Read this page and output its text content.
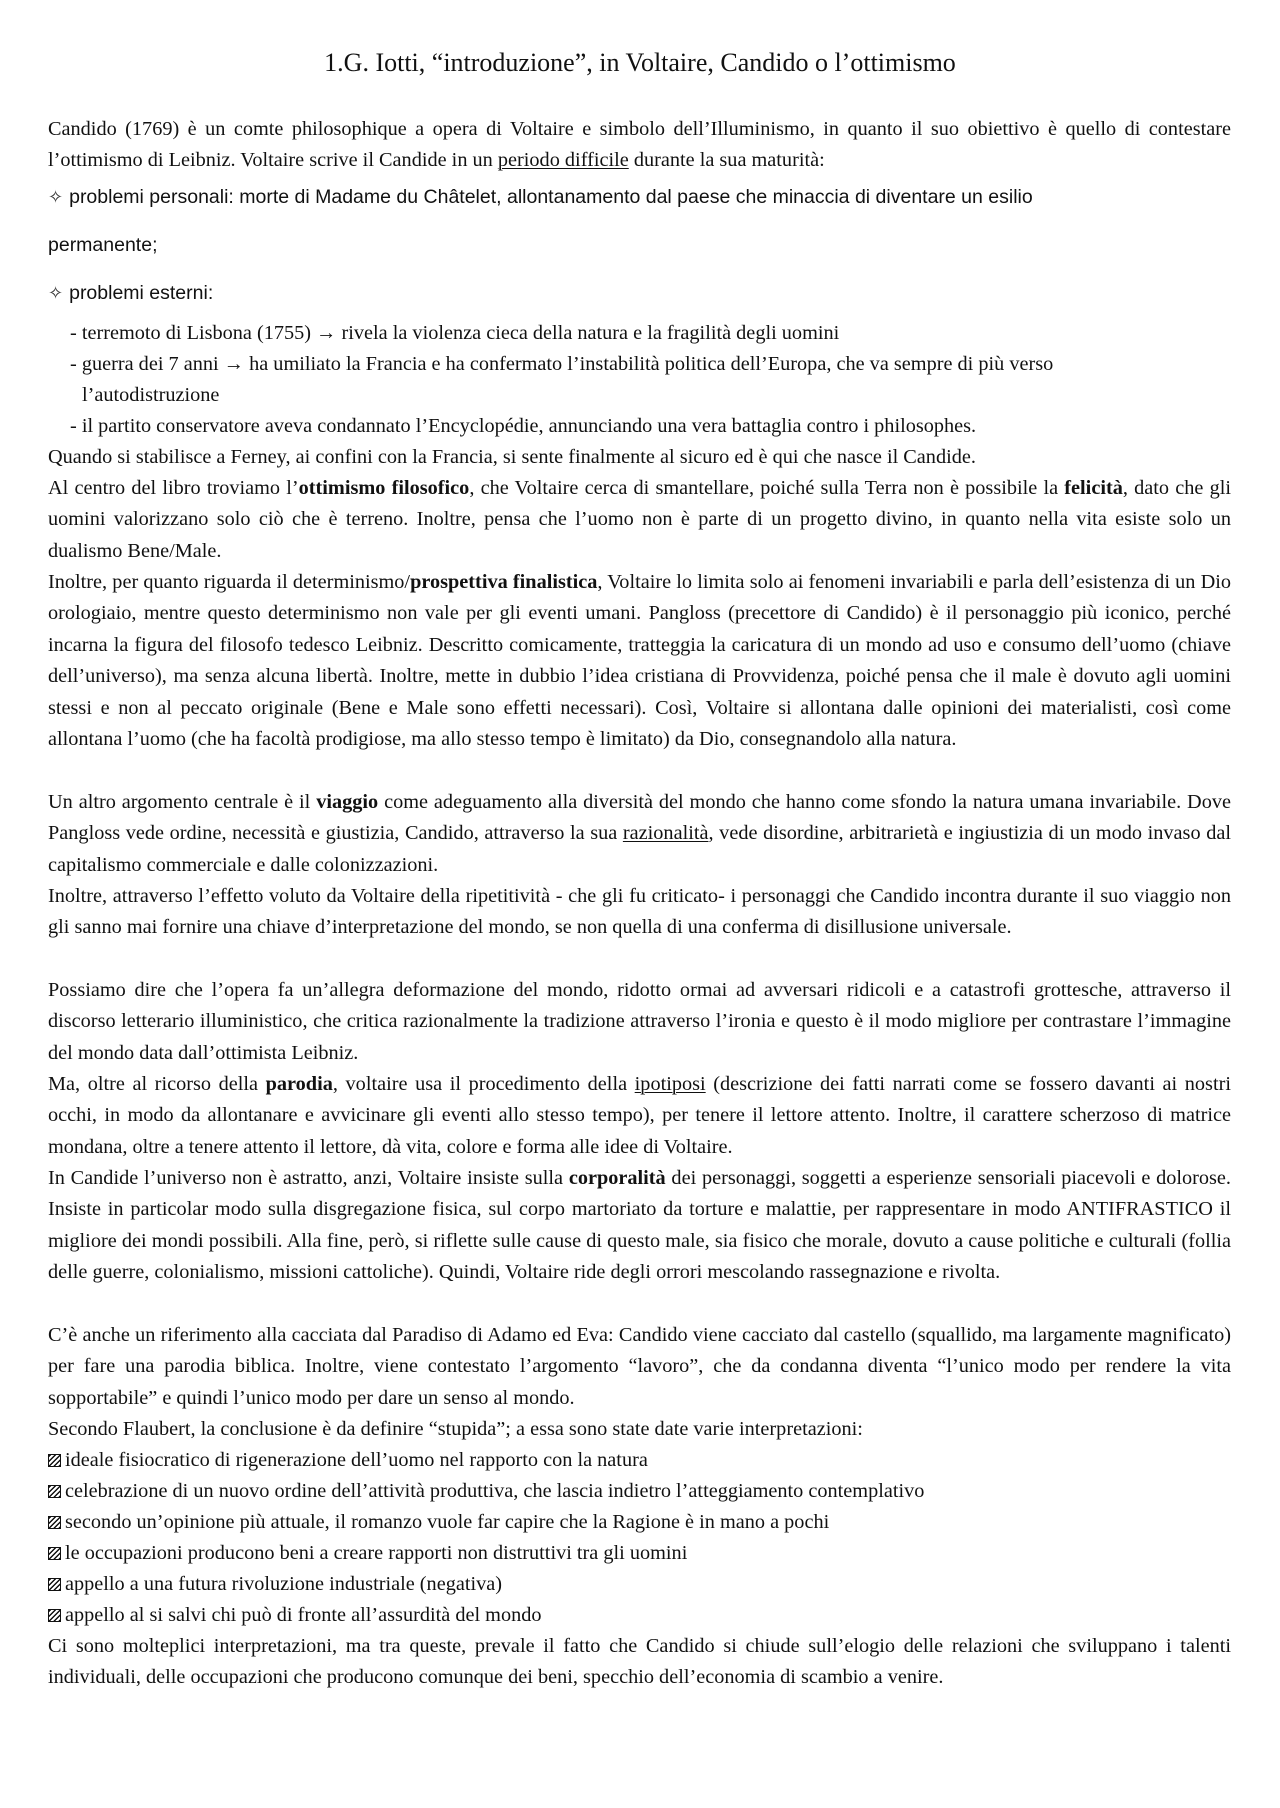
1.G. Iotti, “introduzione”, in Voltaire, Candido o l’ottimismo

Candido (1769) è un comte philosophique a opera di Voltaire e simbolo dell’Illuminismo, in quanto il suo obiettivo è quello di contestare l’ottimismo di Leibniz. Voltaire scrive il Candide in un periodo difficile durante la sua maturità:

✧ problemi personali: morte di Madame du Châtelet, allontanamento dal paese che minaccia di diventare un esilio

permanente;

✧ problemi esterni:

- terremoto di Lisbona (1755) → rivela la violenza cieca della natura e la fragilità degli uomini

- guerra dei 7 anni → ha umiliato la Francia e ha confermato l’instabilità politica dell’Europa, che va sempre di più verso

l’autodistruzione

- il partito conservatore aveva condannato l’Encyclopédie, annunciando una vera battaglia contro i philosophes.

Quando si stabilisce a Ferney, ai confini con la Francia, si sente finalmente al sicuro ed è qui che nasce il Candide.

Al centro del libro troviamo l’ottimismo filosofico, che Voltaire cerca di smantellare, poiché sulla Terra non è possibile la felicità, dato che gli uomini valorizzano solo ciò che è terreno. Inoltre, pensa che l’uomo non è parte di un progetto divino, in quanto nella vita esiste solo un dualismo Bene/Male.

Inoltre, per quanto riguarda il determinismo/prospettiva finalistica, Voltaire lo limita solo ai fenomeni invariabili e parla dell’esistenza di un Dio orologiaio, mentre questo determinismo non vale per gli eventi umani. Pangloss (precettore di Candido) è il personaggio più iconico, perché incarna la figura del filosofo tedesco Leibniz. Descritto comicamente, tratteggia la caricatura di un mondo ad uso e consumo dell’uomo (chiave dell’universo), ma senza alcuna libertà. Inoltre, mette in dubbio l’idea cristiana di Provvidenza, poiché pensa che il male è dovuto agli uomini stessi e non al peccato originale (Bene e Male sono effetti necessari). Così, Voltaire si allontana dalle opinioni dei materialisti, così come allontana l’uomo (che ha facoltà prodigiose, ma allo stesso tempo è limitato) da Dio, consegnandolo alla natura.

Un altro argomento centrale è il viaggio come adeguamento alla diversità del mondo che hanno come sfondo la natura umana invariabile. Dove Pangloss vede ordine, necessità e giustizia, Candido, attraverso la sua razionalità, vede disordine, arbitrarietà e ingiustizia di un modo invaso dal capitalismo commerciale e dalle colonizzazioni.

Inoltre, attraverso l’effetto voluto da Voltaire della ripetitività - che gli fu criticato- i personaggi che Candido incontra durante il suo viaggio non gli sanno mai fornire una chiave d’interpretazione del mondo, se non quella di una conferma di disillusione universale.

Possiamo dire che l’opera fa un’allegra deformazione del mondo, ridotto ormai ad avversari ridicoli e a catastrofi grottesche, attraverso il discorso letterario illuministico, che critica razionalmente la tradizione attraverso l’ironia e questo è il modo migliore per contrastare l’immagine del mondo data dall’ottimista Leibniz.

Ma, oltre al ricorso della parodia, voltaire usa il procedimento della ipotiposi (descrizione dei fatti narrati come se fossero davanti ai nostri occhi, in modo da allontanare e avvicinare gli eventi allo stesso tempo), per tenere il lettore attento. Inoltre, il carattere scherzoso di matrice mondana, oltre a tenere attento il lettore, dà vita, colore e forma alle idee di Voltaire.

In Candide l’universo non è astratto, anzi, Voltaire insiste sulla corporalità dei personaggi, soggetti a esperienze sensoriali piacevoli e dolorose. Insiste in particolar modo sulla disgregazione fisica, sul corpo martoriato da torture e malattie, per rappresentare in modo ANTIFRASTICO il migliore dei mondi possibili. Alla fine, però, si riflette sulle cause di questo male, sia fisico che morale, dovuto a cause politiche e culturali (follia delle guerre, colonialismo, missioni cattoliche). Quindi, Voltaire ride degli orrori mescolando rassegnazione e rivolta.

C’è anche un riferimento alla cacciata dal Paradiso di Adamo ed Eva: Candido viene cacciato dal castello (squallido, ma largamente magnificato) per fare una parodia biblica. Inoltre, viene contestato l’argomento “lavoro”, che da condanna diventa “l’unico modo per rendere la vita sopportabile” e quindi l’unico modo per dare un senso al mondo.

Secondo Flaubert, la conclusione è da definire “stupida”; a essa sono state date varie interpretazioni:

ideale fisiocratico di rigenerazione dell’uomo nel rapporto con la natura

celebrazione di un nuovo ordine dell’attività produttiva, che lascia indietro l’atteggiamento contemplativo

secondo un’opinione più attuale, il romanzo vuole far capire che la Ragione è in mano a pochi

le occupazioni producono beni a creare rapporti non distruttivi tra gli uomini

appello a una futura rivoluzione industriale (negativa)

appello al si salvi chi può di fronte all’assurdità del mondo

Ci sono molteplici interpretazioni, ma tra queste, prevale il fatto che Candido si chiude sull’elogio delle relazioni che sviluppano i talenti individuali, delle occupazioni che producono comunque dei beni, specchio dell’economia di scambio a venire.
